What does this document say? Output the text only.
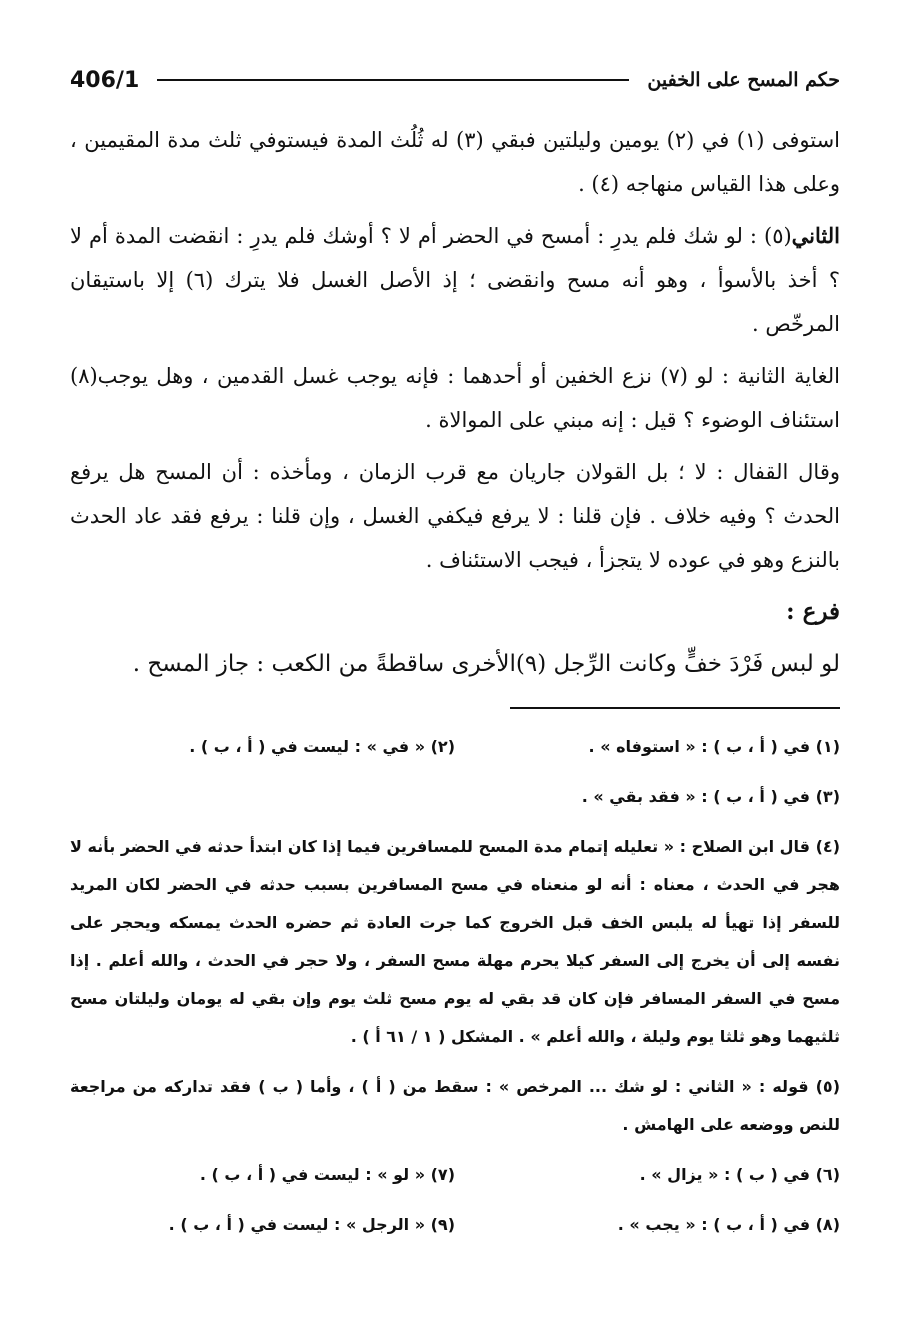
حكم المسح على الخفين
406/1

استوفى (١) في (٢) يومين وليلتين فبقي (٣) له ثُلُث المدة فيستوفي ثلث مدة المقيمين ، وعلى هذا القياس منهاجه (٤) .

الثاني(٥) : لو شك فلم يدرِ : أمسح في الحضر أم لا ؟ أوشك فلم يدرِ : انقضت المدة أم لا ؟ أخذ بالأسوأ ، وهو أنه مسح وانقضى ؛ إذ الأصل الغسل فلا يترك (٦) إلا باستيقان المرخّص .

الغاية الثانية : لو (٧) نزع الخفين أو أحدهما : فإنه يوجب غسل القدمين ، وهل يوجب(٨) استئناف الوضوء ؟ قيل : إنه مبني على الموالاة .

وقال القفال : لا ؛ بل القولان جاريان مع قرب الزمان ، ومأخذه : أن المسح هل يرفع الحدث ؟ وفيه خلاف . فإن قلنا : لا يرفع فيكفي الغسل ، وإن قلنا : يرفع فقد عاد الحدث بالنزع وهو في عوده لا يتجزأ ، فيجب الاستئناف .

فرع :

لو لبس فَرْدَ خفٍّ وكانت الرِّجل (٩)الأخرى ساقطةً من الكعب : جاز المسح .

(١) في ( أ ، ب ) : « استوفاه » .
(٢) « في » : ليست في ( أ ، ب ) .
(٣) في ( أ ، ب ) : « فقد بقي » .
(٤) قال ابن الصلاح : « تعليله إتمام مدة المسح للمسافرين فيما إذا كان ابتدأ حدثه في الحضر بأنه لا هجر في الحدث ، معناه : أنه لو منعناه في مسح المسافرين بسبب حدثه في الحضر لكان المريد للسفر إذا تهيأ له يلبس الخف قبل الخروج كما جرت العادة ثم حضره الحدث يمسكه ويحجر على نفسه إلى أن يخرج إلى السفر كيلا يحرم مهلة مسح السفر ، ولا حجر في الحدث ، والله أعلم . إذا مسح في السفر المسافر فإن كان قد بقي له يوم مسح ثلث يوم وإن بقي له يومان وليلتان مسح ثلثيهما وهو ثلثا يوم وليلة ، والله أعلم » . المشكل ( ١ / ٦١ أ ) .
(٥) قوله : « الثاني : لو شك ... المرخص » : سقط من ( أ ) ، وأما ( ب ) فقد تداركه من مراجعة للنص ووضعه على الهامش .
(٦) في ( ب ) : « يزال » .
(٧) « لو » : ليست في ( أ ، ب ) .
(٨) في ( أ ، ب ) : « يجب » .
(٩) « الرجل » : ليست في ( أ ، ب ) .
